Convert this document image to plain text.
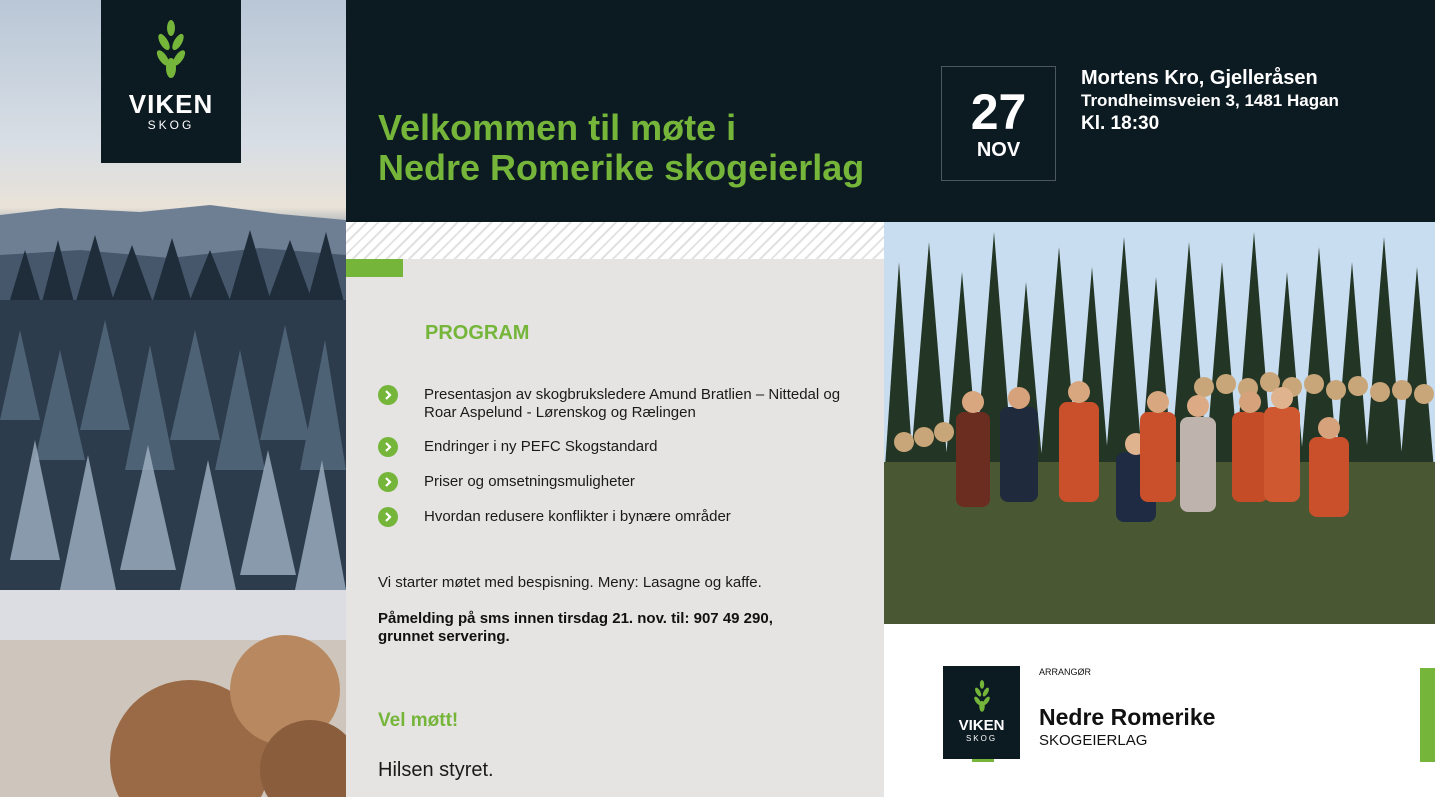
VIKEN
SKOG	Velkommen til møte i
Nedre Romerike skogeierlag
27
NOV
Mortens Kro, Gjelleråsen
Trondheimsveien 3, 1481 Hagan
Kl. 18:30
PROGRAM
Presentasjon av skogbruksledere Amund Bratlien – Nittedal og Roar Aspelund - Lørenskog og Rælingen
Endringer i ny PEFC Skogstandard
Priser og omsetningsmuligheter
Hvordan redusere konflikter i bynære områder
Vi starter møtet med bespisning. Meny: Lasagne og kaffe.
Påmelding på sms innen tirsdag 21. nov. til: 907 49 290, grunnet servering.
Vel møtt!
Hilsen styret.
VIKEN
SKOG
ARRANGØR
Nedre Romerike
SKOGEIERLAG
